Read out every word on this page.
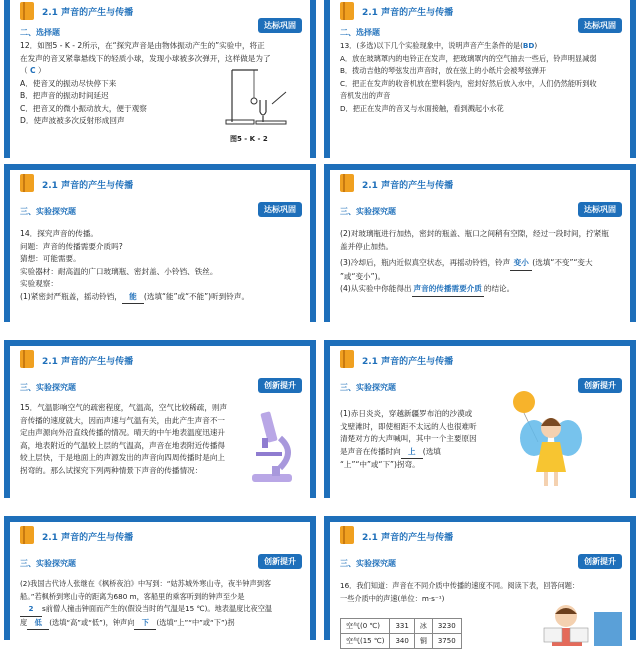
2.1 声音的产生与传播
二、选择题
达标巩固
12．如图5 - K - 2所示，在“探究声音是由物体振动产生的”实验中，将正
在发声的音叉紧靠悬线下的轻质小球，发现小球被多次弹开，这样做是为了
（ C ）
A．使音叉的振动尽快停下来
B．把声音的振动时间延迟
C．把音叉的微小振动放大，便于观察
D．使声波被多次反射形成回声
图5 - K - 2
2.1 声音的产生与传播
二、选择题
达标巩固
13．(多选)以下几个实验现象中，说明声音产生条件的是(BD)
A．放在玻璃罩内的电铃正在发声，把玻璃罩内的空气抽去一些后，铃声明显减弱
B．拨动吉他的琴弦发出声音时，放在弦上的小纸片会被琴弦弹开
C．把正在发声的收音机放在塑料袋内，密封好然后放入水中，人们仍然能听到收
音机发出的声音
D．把正在发声的音叉与水面接触，看到溅起小水花
2.1 声音的产生与传播
三、实验探究题	达标巩固
14．探究声音的传播。
问题：声音的传播需要介质吗?
猜想：可能需要。
实验器材：耐高温的广口玻璃瓶、密封盖、小铃铛、铁丝。
实验观察：
(1)紧密封严瓶盖，摇动铃铛， 能 (选填“能”或“不能”)听到铃声。
2.1 声音的产生与传播
三、实验探究题	达标巩固
(2)对玻璃瓶进行加热，密封的瓶盖、瓶口之间稍有空隙，经过一段时间，拧紧瓶
盖并停止加热。
(3)冷却后，瓶内近似真空状态，再摇动铃铛，铃声 变小 (选填“不变”“变大
”或“变小”)。
(4)从实验中你能得出 声音的传播需要介质 的结论。
2.1 声音的产生与传播
三、实验探究题	创新提升
15．气温影响空气的疏密程度，气温高，空气比较稀疏，则声
音传播的速度就大，因而声速与气温有关，由此产生声音不一
定由声源向外沿直线传播的情况。晴天的中午地表温度迅速升
高，地表附近的气温较上层的气温高，声音在地表附近传播得
较上层快，于是地面上的声源发出的声音向四周传播时是向上
拐弯的。那么试探究下列两种情景下声音的传播情况：
2.1 声音的产生与传播
三、实验探究题	创新提升
(1)赤日炎炎，穿越新疆罗布泊的沙漠或
戈壁滩时，即使相距不太远的人也很难听
清楚对方的大声喊叫，其中一个主要原因
是声音在传播时向 上 (选填
“上”“中”或“下”)拐弯。
2.1 声音的产生与传播
三、实验探究题	创新提升
(2)我国古代诗人张继在《枫桥夜泊》中写到：“姑苏城外寒山寺，夜半钟声到客
船。”若枫桥到寒山寺的距离为680 m，客船里的乘客听到的钟声至少是
2 s前僧人撞击钟面而产生的(假设当时的气温是15 ℃)。地表温度比夜空温
度 低 (选填“高”或“低”)，钟声向 下 (选填“上”“中”或“下”)拐
2.1 声音的产生与传播
三、实验探究题	创新提升
16．我们知道：声音在不同介质中传播的速度不同。阅读下表，回答问题：
一些介质中的声速(单位：m·s⁻¹)
空气(0 ℃)	331	冰	3230
空气(15 ℃)	340	铜	3750
